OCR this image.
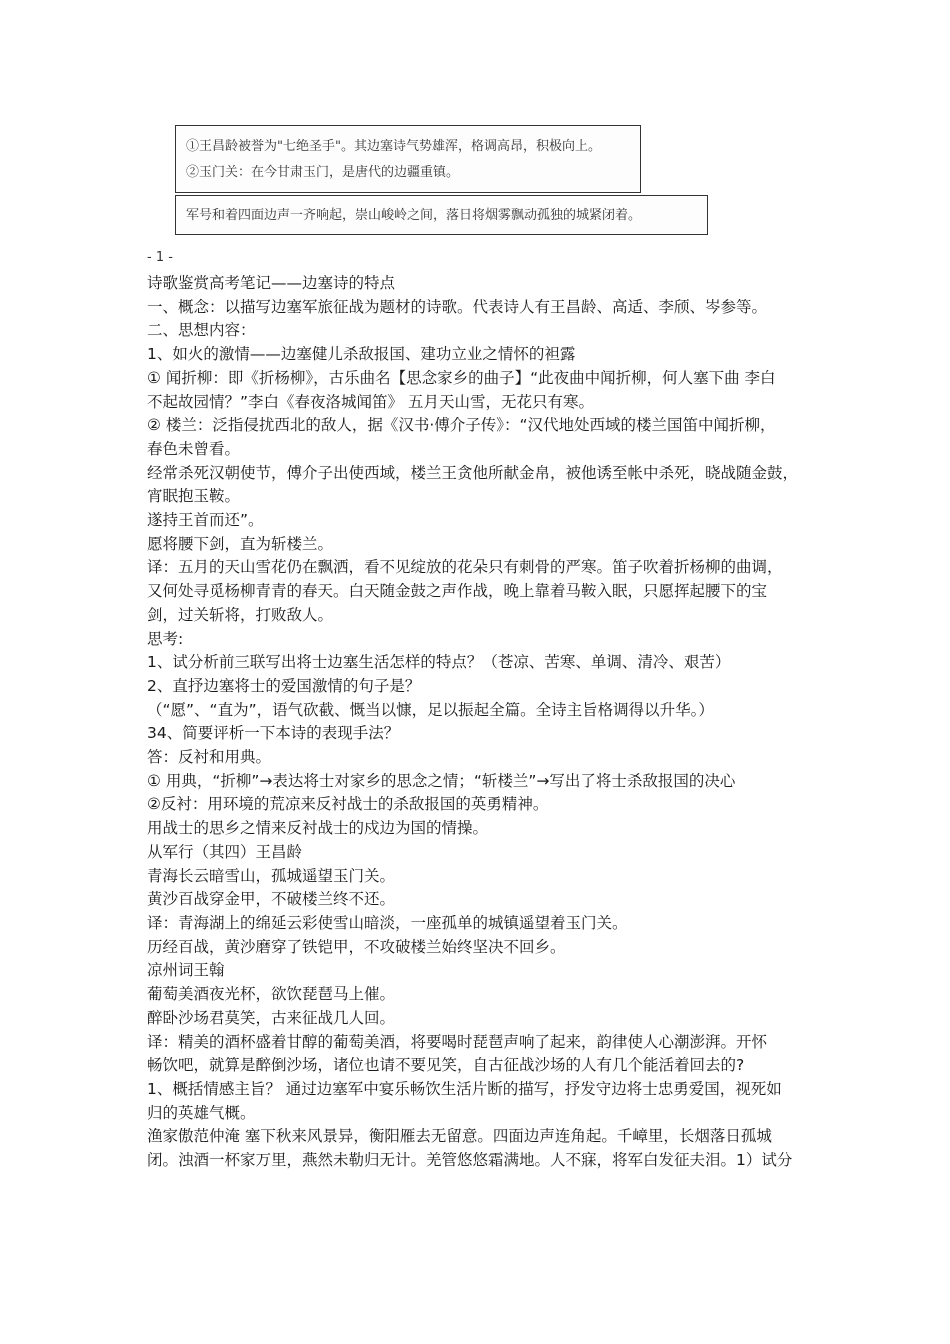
①王昌龄被誉为"七绝圣手"。其边塞诗气势雄浑，格调高昂，积极向上。
②玉门关：在今甘肃玉门，是唐代的边疆重镇。
军号和着四面边声一齐响起，崇山峻岭之间，落日将烟雾飘动孤独的城紧闭着。
- 1 -

诗歌鉴赏高考笔记——边塞诗的特点

一、概念：以描写边塞军旅征战为题材的诗歌。代表诗人有王昌龄、高适、李颀、岑参等。

二、思想内容：

1、如火的激情——边塞健儿杀敌报国、建功立业之情怀的袒露

① 闻折柳：即《折杨柳》，古乐曲名【思念家乡的曲子】“此夜曲中闻折柳，何人塞下曲 李白

不起故园情？”李白《春夜洛城闻笛》 五月天山雪，无花只有寒。

② 楼兰：泛指侵扰西北的敌人，据《汉书·傅介子传》：“汉代地处西域的楼兰国笛中闻折柳，

春色未曾看。

经常杀死汉朝使节，傅介子出使西域，楼兰王贪他所献金帛，被他诱至帐中杀死，晓战随金鼓，

宵眠抱玉鞍。

遂持王首而还”。

愿将腰下剑，直为斩楼兰。

译：五月的天山雪花仍在飘洒，看不见绽放的花朵只有刺骨的严寒。笛子吹着折杨柳的曲调，

又何处寻觅杨柳青青的春天。白天随金鼓之声作战，晚上靠着马鞍入眠，只愿挥起腰下的宝

剑，过关斩将，打败敌人。

思考:

1、试分析前三联写出将士边塞生活怎样的特点？（苍凉、苦寒、单调、清冷、艰苦）

2、直抒边塞将士的爱国激情的句子是？

（“愿”、“直为”，语气砍截、慨当以慷，足以振起全篇。全诗主旨格调得以升华。）

34、简要评析一下本诗的表现手法？

答：反衬和用典。

① 用典，“折柳”→表达将士对家乡的思念之情；“斩楼兰”→写出了将士杀敌报国的决心

②反衬：用环境的荒凉来反衬战士的杀敌报国的英勇精神。

用战士的思乡之情来反衬战士的戍边为国的情操。

从军行（其四）王昌龄

青海长云暗雪山，孤城遥望玉门关。

黄沙百战穿金甲，不破楼兰终不还。

译：青海湖上的绵延云彩使雪山暗淡，一座孤单的城镇遥望着玉门关。

历经百战，黄沙磨穿了铁铠甲，不攻破楼兰始终坚决不回乡。

凉州词王翰

葡萄美酒夜光杯，欲饮琵琶马上催。

醉卧沙场君莫笑，古来征战几人回。

译：精美的酒杯盛着甘醇的葡萄美酒，将要喝时琵琶声响了起来，韵律使人心潮澎湃。开怀

畅饮吧，就算是醉倒沙场，诸位也请不要见笑，自古征战沙场的人有几个能活着回去的?

1、概括情感主旨？ 通过边塞军中宴乐畅饮生活片断的描写，抒发守边将士忠勇爱国，视死如

归的英雄气概。

渔家傲范仲淹 塞下秋来风景异，衡阳雁去无留意。四面边声连角起。千嶂里，长烟落日孤城

闭。浊酒一杯家万里，燕然未勒归无计。羌管悠悠霜满地。人不寐，将军白发征夫泪。1）试分
